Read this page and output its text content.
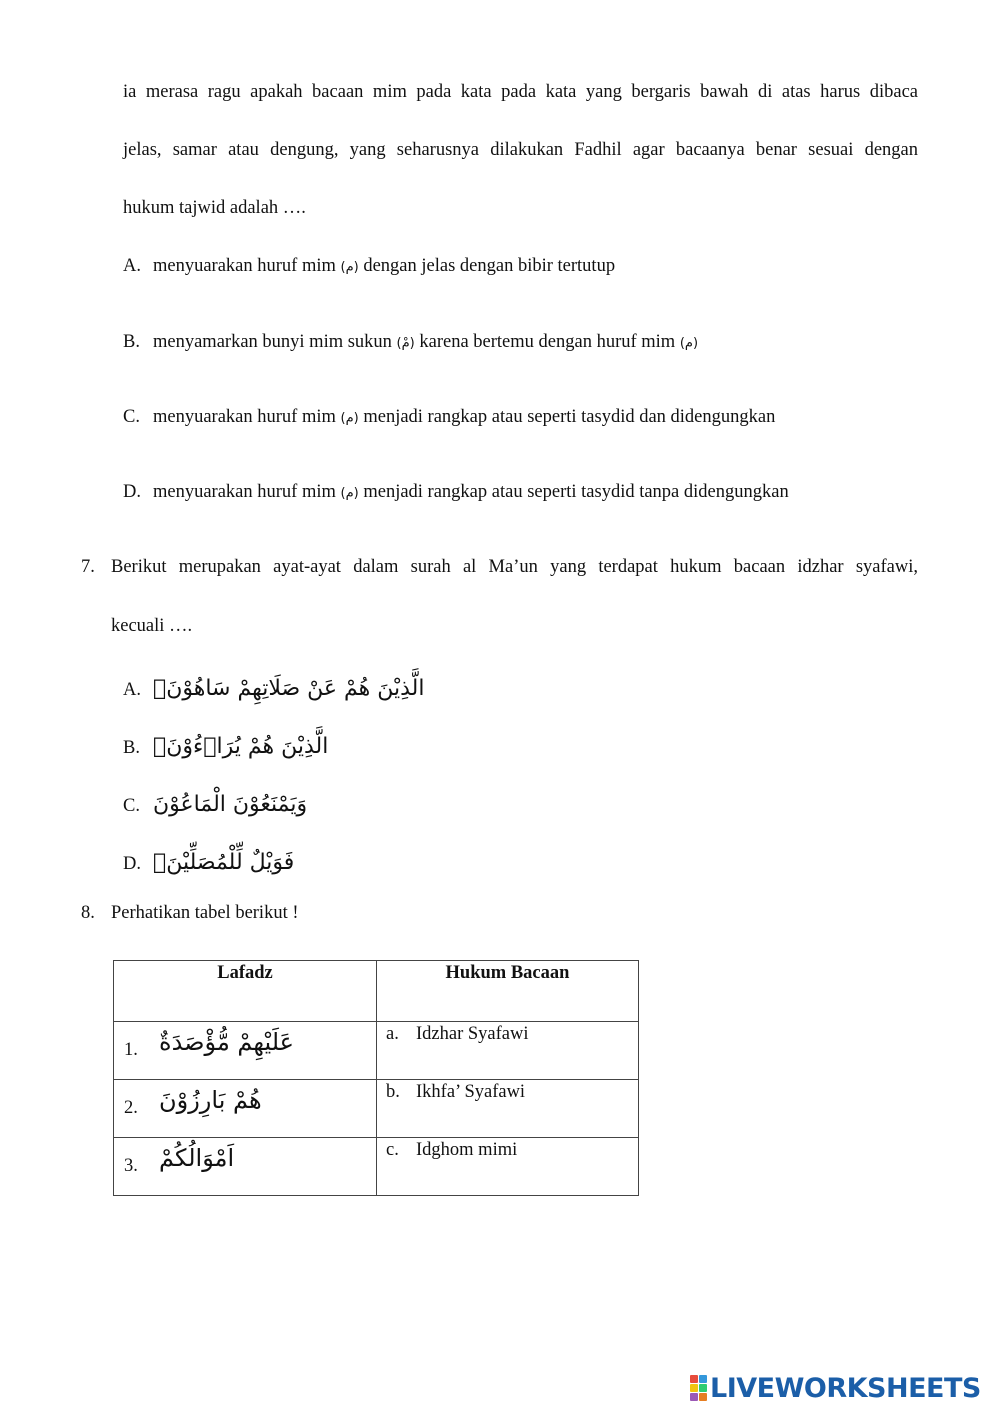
ia merasa ragu apakah bacaan mim pada kata pada kata yang bergaris bawah di atas harus dibaca
jelas, samar atau dengung, yang seharusnya dilakukan Fadhil agar bacaanya benar sesuai dengan
hukum tajwid adalah ….
A. menyuarakan huruf mim (م) dengan jelas dengan bibir tertutup
B. menyamarkan bunyi mim sukun (مْ) karena bertemu dengan huruf mim (م)
C. menyuarakan huruf mim (م) menjadi rangkap atau seperti tasydid dan didengungkan
D. menyuarakan huruf mim (م) menjadi rangkap atau seperti tasydid tanpa didengungkan
7. Berikut merupakan ayat-ayat dalam surah al Ma’un yang terdapat hukum bacaan idzhar syafawi,
kecuali ….
A. الَّذِيْنَ هُمْ عَنْ صَلَاتِهِمْ سَاهُوْنَۙ
B. الَّذِيْنَ هُمْ يُرَاۤءُوْنَۙ
C. وَيَمْنَعُوْنَ الْمَاعُوْنَ
D. فَوَيْلٌ لِّلْمُصَلِّيْنَۙ
8. Perhatikan tabel berikut !
Lafadz	Hukum Bacaan

1. عَلَيْهِمْ مُّؤْصَدَةٌ	a. Idzhar Syafawi

2. هُمْ بَارِزُوْنَ	b. Ikhfa’ Syafawi

3. اَمْوَالُكُمْ	c. Idghom mimi
LIVEWORKSHEETS
